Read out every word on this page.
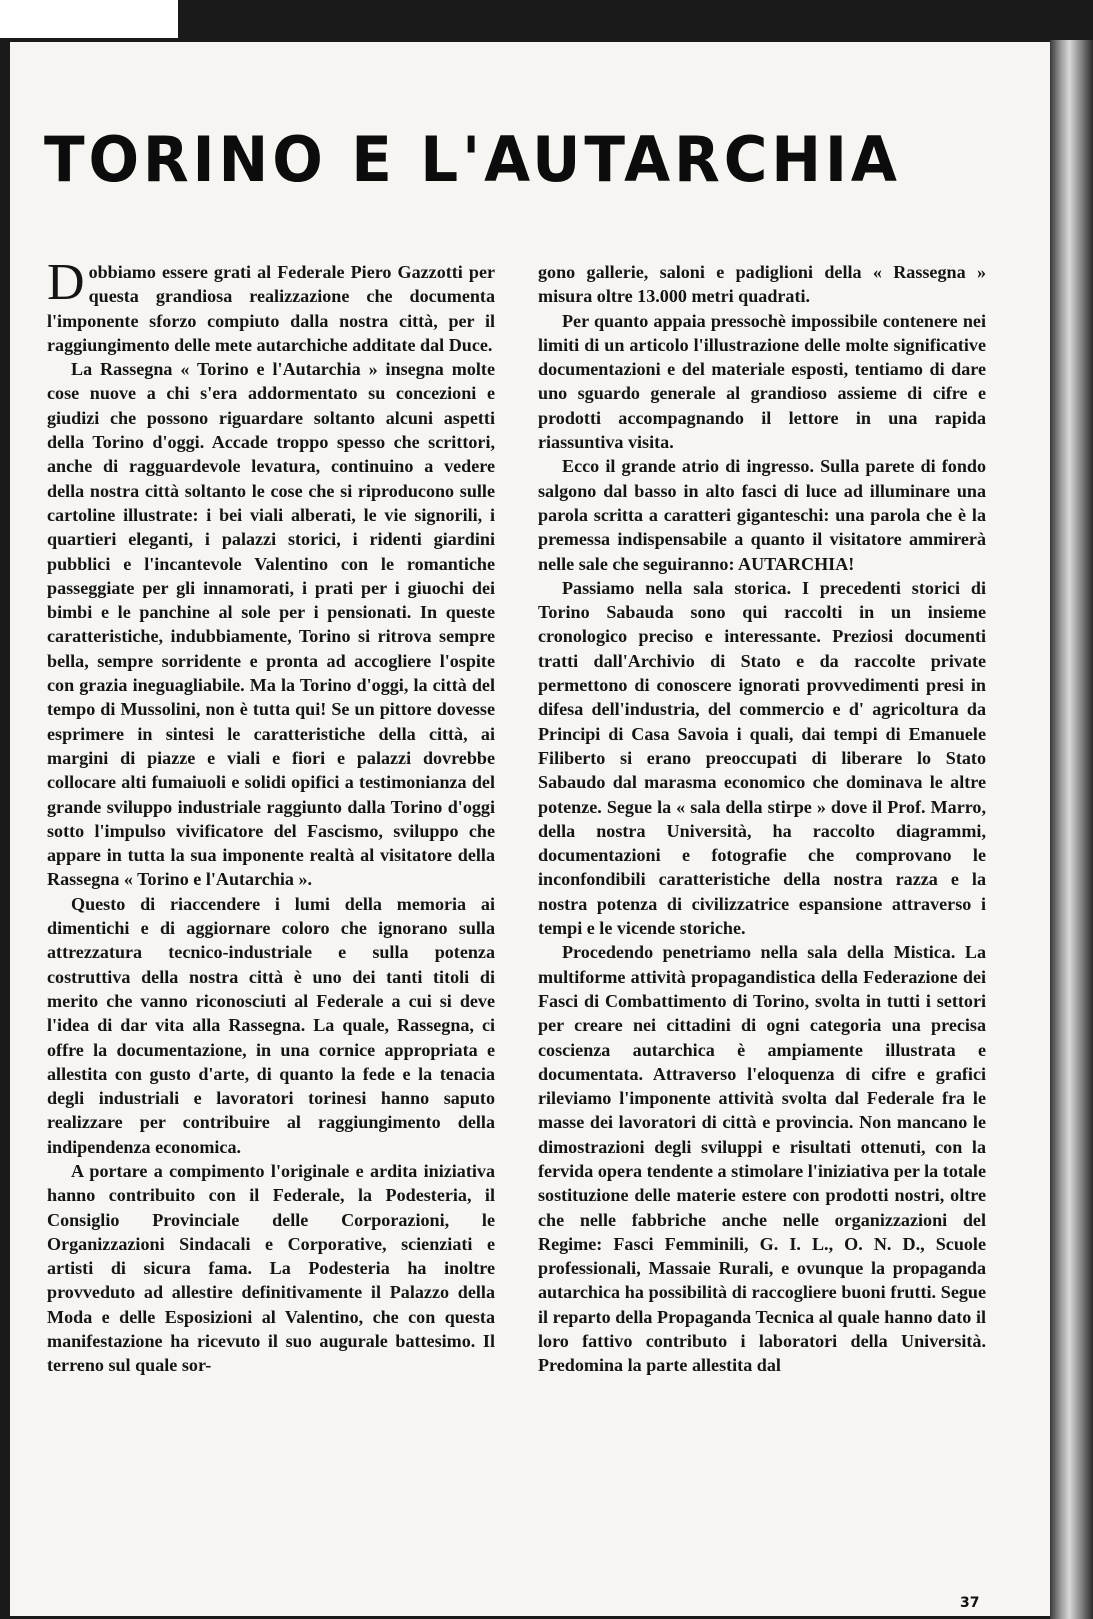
TORINO E L'AUTARCHIA

Dobbiamo essere grati al Federale Piero Gazzotti per questa grandiosa realizzazione che documenta l'imponente sforzo compiuto dalla nostra città, per il raggiungimento delle mete autarchiche additate dal Duce.

La Rassegna « Torino e l'Autarchia » insegna molte cose nuove a chi s'era addormentato su concezioni e giudizi che possono riguardare soltanto alcuni aspetti della Torino d'oggi. Accade troppo spesso che scrittori, anche di ragguardevole levatura, continuino a vedere della nostra città soltanto le cose che si riproducono sulle cartoline illustrate: i bei viali alberati, le vie signorili, i quartieri eleganti, i palazzi storici, i ridenti giardini pubblici e l'incantevole Valentino con le romantiche passeggiate per gli innamorati, i prati per i giuochi dei bimbi e le panchine al sole per i pensionati. In queste caratteristiche, indubbiamente, Torino si ritrova sempre bella, sempre sorridente e pronta ad accogliere l'ospite con grazia ineguagliabile. Ma la Torino d'oggi, la città del tempo di Mussolini, non è tutta qui! Se un pittore dovesse esprimere in sintesi le caratteristiche della città, ai margini di piazze e viali e fiori e palazzi dovrebbe collocare alti fumaiuoli e solidi opifici a testimonianza del grande sviluppo industriale raggiunto dalla Torino d'oggi sotto l'impulso vivificatore del Fascismo, sviluppo che appare in tutta la sua imponente realtà al visitatore della Rassegna « Torino e l'Autarchia ».

Questo di riaccendere i lumi della memoria ai dimentichi e di aggiornare coloro che ignorano sulla attrezzatura tecnico-industriale e sulla potenza costruttiva della nostra città è uno dei tanti titoli di merito che vanno riconosciuti al Federale a cui si deve l'idea di dar vita alla Rassegna. La quale, Rassegna, ci offre la documentazione, in una cornice appropriata e allestita con gusto d'arte, di quanto la fede e la tenacia degli industriali e lavoratori torinesi hanno saputo realizzare per contribuire al raggiungimento della indipendenza economica.

A portare a compimento l'originale e ardita iniziativa hanno contribuito con il Federale, la Podesteria, il Consiglio Provinciale delle Corporazioni, le Organizzazioni Sindacali e Corporative, scienziati e artisti di sicura fama. La Podesteria ha inoltre provveduto ad allestire definitivamente il Palazzo della Moda e delle Esposizioni al Valentino, che con questa manifestazione ha ricevuto il suo augurale battesimo. Il terreno sul quale sor-

gono gallerie, saloni e padiglioni della « Rassegna » misura oltre 13.000 metri quadrati.

Per quanto appaia pressochè impossibile contenere nei limiti di un articolo l'illustrazione delle molte significative documentazioni e del materiale esposti, tentiamo di dare uno sguardo generale al grandioso assieme di cifre e prodotti accompagnando il lettore in una rapida riassuntiva visita.

Ecco il grande atrio di ingresso. Sulla parete di fondo salgono dal basso in alto fasci di luce ad illuminare una parola scritta a caratteri giganteschi: una parola che è la premessa indispensabile a quanto il visitatore ammirerà nelle sale che seguiranno: AUTARCHIA!

Passiamo nella sala storica. I precedenti storici di Torino Sabauda sono qui raccolti in un insieme cronologico preciso e interessante. Preziosi documenti tratti dall'Archivio di Stato e da raccolte private permettono di conoscere ignorati provvedimenti presi in difesa dell'industria, del commercio e d' agricoltura da Principi di Casa Savoia i quali, dai tempi di Emanuele Filiberto si erano preoccupati di liberare lo Stato Sabaudo dal marasma economico che dominava le altre potenze. Segue la « sala della stirpe » dove il Prof. Marro, della nostra Università, ha raccolto diagrammi, documentazioni e fotografie che comprovano le inconfondibili caratteristiche della nostra razza e la nostra potenza di civilizzatrice espansione attraverso i tempi e le vicende storiche.

Procedendo penetriamo nella sala della Mistica. La multiforme attività propagandistica della Federazione dei Fasci di Combattimento di Torino, svolta in tutti i settori per creare nei cittadini di ogni categoria una precisa coscienza autarchica è ampiamente illustrata e documentata. Attraverso l'eloquenza di cifre e grafici rileviamo l'imponente attività svolta dal Federale fra le masse dei lavoratori di città e provincia. Non mancano le dimostrazioni degli sviluppi e risultati ottenuti, con la fervida opera tendente a stimolare l'iniziativa per la totale sostituzione delle materie estere con prodotti nostri, oltre che nelle fabbriche anche nelle organizzazioni del Regime: Fasci Femminili, G. I. L., O. N. D., Scuole professionali, Massaie Rurali, e ovunque la propaganda autarchica ha possibilità di raccogliere buoni frutti. Segue il reparto della Propaganda Tecnica al quale hanno dato il loro fattivo contributo i laboratori della Università. Predomina la parte allestita dal

37
